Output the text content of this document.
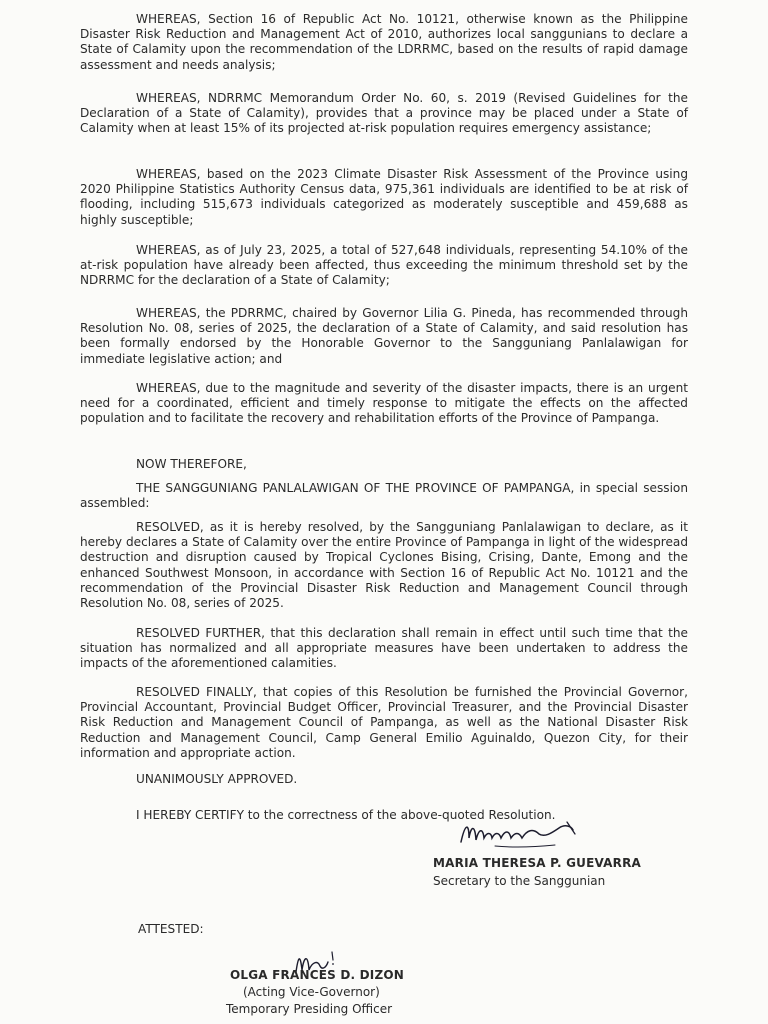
WHEREAS, Section 16 of Republic Act No. 10121, otherwise known as the Philippine Disaster Risk Reduction and Management Act of 2010, authorizes local sanggunians to declare a State of Calamity upon the recommendation of the LDRRMC, based on the results of rapid damage assessment and needs analysis;

WHEREAS, NDRRMC Memorandum Order No. 60, s. 2019 (Revised Guidelines for the Declaration of a State of Calamity), provides that a province may be placed under a State of Calamity when at least 15% of its projected at-risk population requires emergency assistance;

WHEREAS, based on the 2023 Climate Disaster Risk Assessment of the Province using 2020 Philippine Statistics Authority Census data, 975,361 individuals are identified to be at risk of flooding, including 515,673 individuals categorized as moderately susceptible and 459,688 as highly susceptible;

WHEREAS, as of July 23, 2025, a total of 527,648 individuals, representing 54.10% of the at-risk population have already been affected, thus exceeding the minimum threshold set by the NDRRMC for the declaration of a State of Calamity;

WHEREAS, the PDRRMC, chaired by Governor Lilia G. Pineda, has recommended through Resolution No. 08, series of 2025, the declaration of a State of Calamity, and said resolution has been formally endorsed by the Honorable Governor to the Sangguniang Panlalawigan for immediate legislative action; and

WHEREAS, due to the magnitude and severity of the disaster impacts, there is an urgent need for a coordinated, efficient and timely response to mitigate the effects on the affected population and to facilitate the recovery and rehabilitation efforts of the Province of Pampanga.

NOW THEREFORE,

THE SANGGUNIANG PANLALAWIGAN OF THE PROVINCE OF PAMPANGA, in special session assembled:

RESOLVED, as it is hereby resolved, by the Sangguniang Panlalawigan to declare, as it hereby declares a State of Calamity over the entire Province of Pampanga in light of the widespread destruction and disruption caused by Tropical Cyclones Bising, Crising, Dante, Emong and the enhanced Southwest Monsoon, in accordance with Section 16 of Republic Act No. 10121 and the recommendation of the Provincial Disaster Risk Reduction and Management Council through Resolution No. 08, series of 2025.

RESOLVED FURTHER, that this declaration shall remain in effect until such time that the situation has normalized and all appropriate measures have been undertaken to address the impacts of the aforementioned calamities.

RESOLVED FINALLY, that copies of this Resolution be furnished the Provincial Governor, Provincial Accountant, Provincial Budget Officer, Provincial Treasurer, and the Provincial Disaster Risk Reduction and Management Council of Pampanga, as well as the National Disaster Risk Reduction and Management Council, Camp General Emilio Aguinaldo, Quezon City, for their information and appropriate action.

UNANIMOUSLY APPROVED.

I HEREBY CERTIFY to the correctness of the above-quoted Resolution.

MARIA THERESA P. GUEVARRA

Secretary to the Sanggunian

ATTESTED:

OLGA FRANCES D. DIZON

(Acting Vice-Governor)

Temporary Presiding Officer
